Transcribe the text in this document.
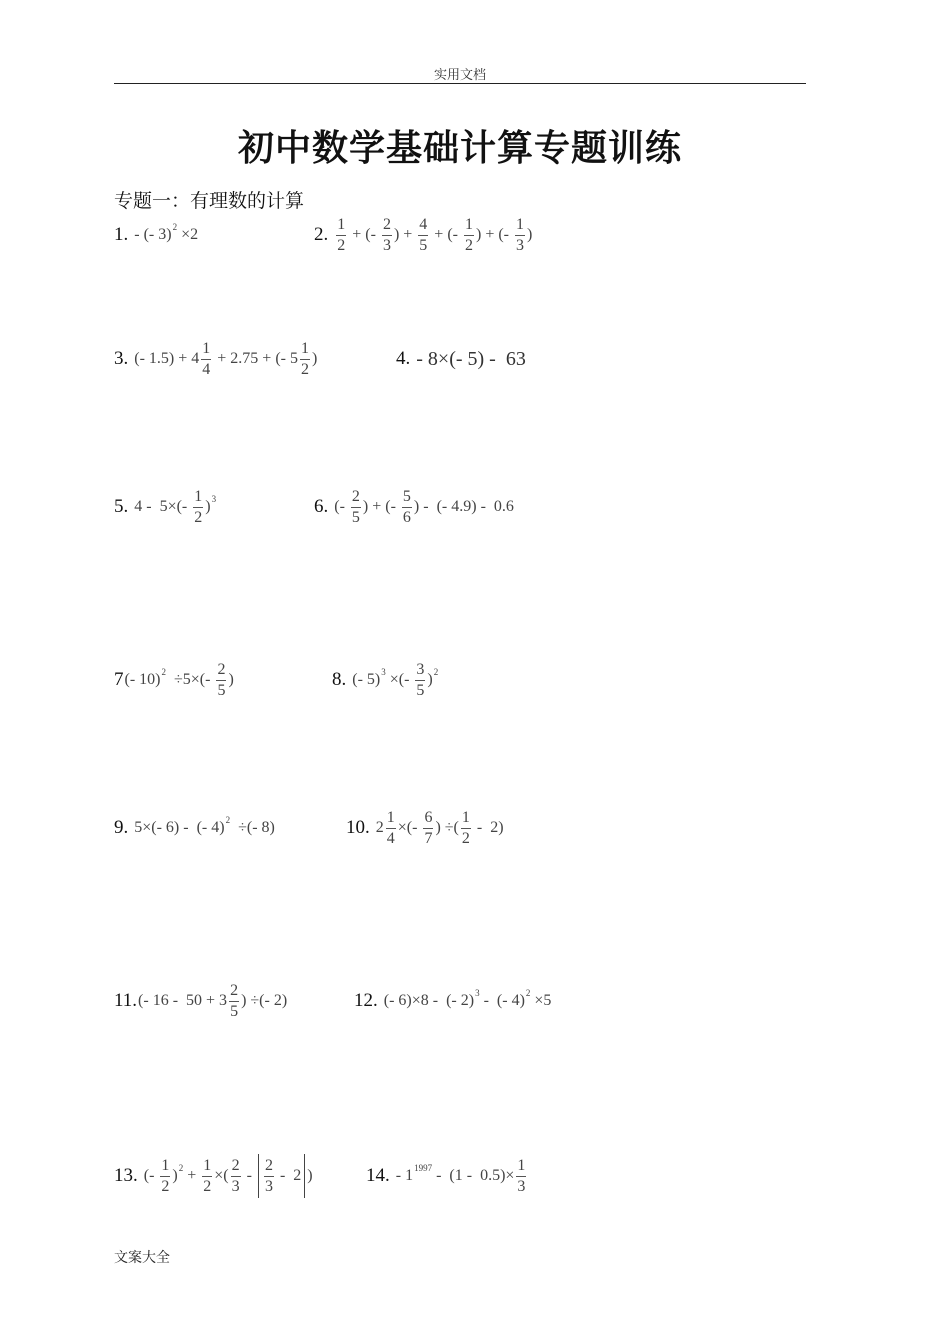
实用文档
初中数学基础计算专题训练
专题一：有理数的计算
1. - (- 3) 2 ×2	2. $\frac{1}{2}$ + (- $\frac{2}{3}$ ) + $\frac{4}{5}$ + (- $\frac{1}{2}$ ) + (- $\frac{1}{3}$ )
3. (- $1.5) + 4 \frac{1}{4} + 2.75$ + (- $5 \frac{1}{2}$ )	4. - 8×(- 5) -  63
5. $4 - 5\times(- \frac{1}{2}$ ) 3	6. (- $\frac{2}{5}$ ) + (- $\frac{5}{6}$ ) -  (- 4.9) -  0.6
7 (- 10) $2 \div 5\times(- \frac{2}{5}$ )	8. (- 5) 3 ×(- $\frac{3}{5}$ ) 2
9. 5×(- 6) -  (- 4) 2 ÷(- 8)	10. $2 \frac{1}{4}$ ×(- $\frac{6}{7}$ ) ÷( $\frac{1}{2} - 2$)
11. (- $16 - 50 + 3 \frac{2}{5}$ ) ÷(- 2)	12. (- 6)×8 -  (- 2) 3 -  (- 4) 2 ×5
13. (- $\frac{1}{2}$ ) $2 + \frac{1}{2}$ ×( $\frac{2}{3} - \frac{2}{3} - 2$ )	14. - 1 $1997 - (1 - 0.5)\times \frac{1}{3}$
文案大全
